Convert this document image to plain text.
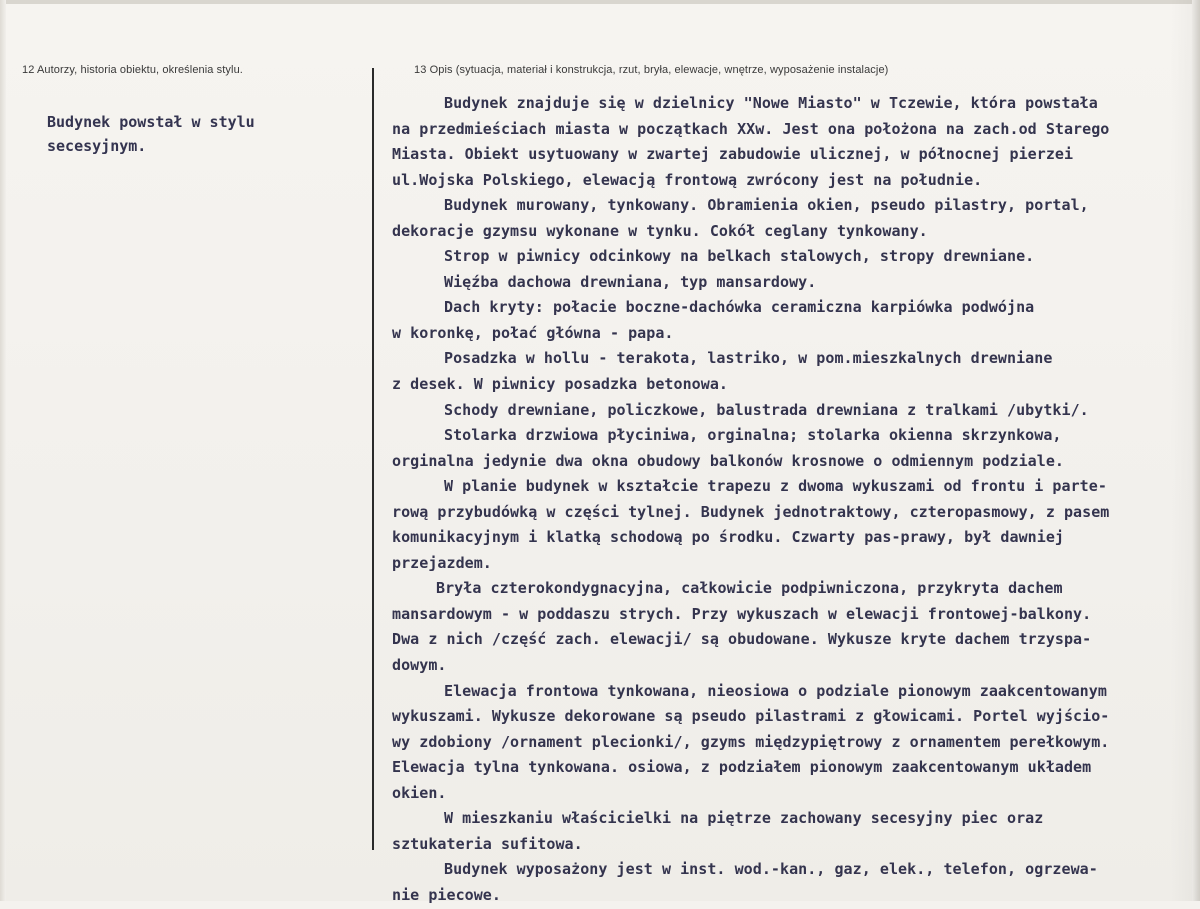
12 Autorzy, historia obiektu, określenia stylu.	13 Opis (sytuacja, materiał i konstrukcja, rzut, bryła, elewacje, wnętrze, wyposażenie instalacje)
Budynek powstał w stylu
secesyjnym.
Budynek znajduje się w dzielnicy "Nowe Miasto" w Tczewie, która powstała
na przedmieściach miasta w początkach XXw. Jest ona położona na zach.od Starego
Miasta. Obiekt usytuowany w zwartej zabudowie ulicznej, w północnej pierzei
ul.Wojska Polskiego, elewacją frontową zwrócony jest na południe.
Budynek murowany, tynkowany. Obramienia okien, pseudo pilastry, portal,
dekoracje gzymsu wykonane w tynku. Cokół ceglany tynkowany.
Strop w piwnicy odcinkowy na belkach stalowych, stropy drewniane.
Więźba dachowa drewniana, typ mansardowy.
Dach kryty: połacie boczne-dachówka ceramiczna karpiówka podwójna
w koronkę, połać główna - papa.
Posadzka w hollu - terakota, lastriko, w pom.mieszkalnych drewniane
z desek. W piwnicy posadzka betonowa.
Schody drewniane, policzkowe, balustrada drewniana z tralkami /ubytki/.
Stolarka drzwiowa płyciniwa, orginalna; stolarka okienna skrzynkowa,
orginalna jedynie dwa okna obudowy balkonów krosnowe o odmiennym podziale.
W planie budynek w kształcie trapezu z dwoma wykuszami od frontu i parte-
rową przybudówką w części tylnej. Budynek jednotraktowy, czteropasmowy, z pasem
komunikacyjnym i klatką schodową po środku. Czwarty pas-prawy, był dawniej
przejazdem.
Bryła czterokondygnacyjna, całkowicie podpiwniczona, przykryta dachem
mansardowym - w poddaszu strych. Przy wykuszach w elewacji frontowej-balkony.
Dwa z nich /część zach. elewacji/ są obudowane. Wykusze kryte dachem trzyspa-
dowym.
Elewacja frontowa tynkowana, nieosiowa o podziale pionowym zaakcentowanym
wykuszami. Wykusze dekorowane są pseudo pilastrami z głowicami. Portel wyjścio-
wy zdobiony /ornament plecionki/, gzyms międzypiętrowy z ornamentem perełkowym.
Elewacja tylna tynkowana. osiowa, z podziałem pionowym zaakcentowanym układem
okien.
W mieszkaniu właścicielki na piętrze zachowany secesyjny piec oraz
sztukateria sufitowa.
Budynek wyposażony jest w inst. wod.-kan., gaz, elek., telefon, ogrzewa-
nie piecowe.
